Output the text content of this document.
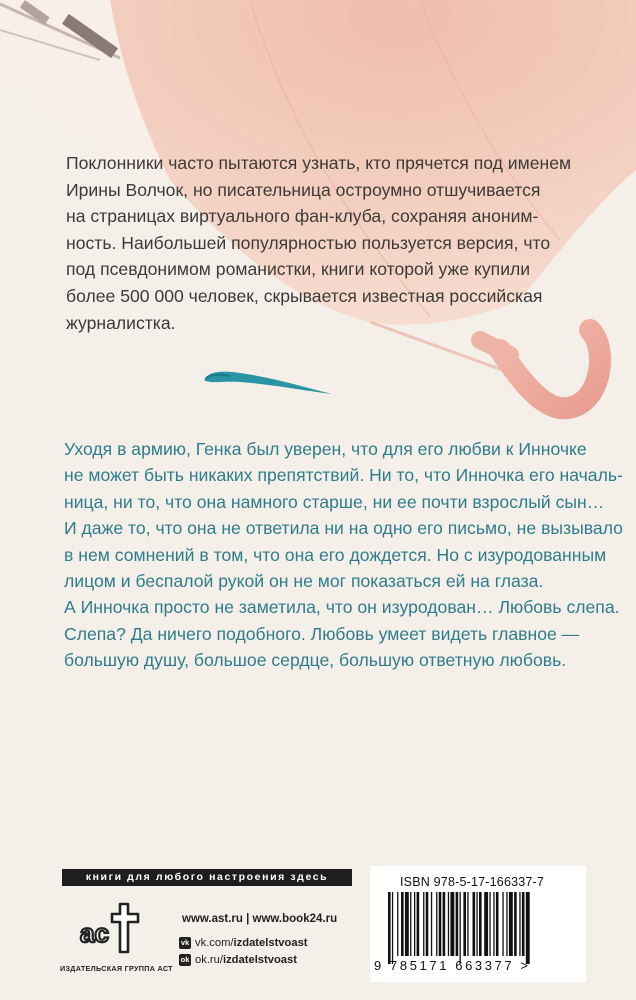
Поклонники часто пытаются узнать, кто прячется под именем
Ирины Волчок, но писательница остроумно отшучивается
на страницах виртуального фан-клуба, сохраняя аноним-
ность. Наибольшей популярностью пользуется версия, что
под псевдонимом романистки, книги которой уже купили
более 500 000 человек, скрывается известная российская
журналистка.

Уходя в армию, Генка был уверен, что для его любви к Инночке
не может быть никаких препятствий. Ни то, что Инночка его началь-
ница, ни то, что она намного старше, ни ее почти взрослый сын…
И даже то, что она не ответила ни на одно его письмо, не вызывало
в нем сомнений в том, что она его дождется. Но с изуродованным
лицом и беспалой рукой он не мог показаться ей на глаза.
А Инночка просто не заметила, что он изуродован… Любовь слепа.
Слепа? Да ничего подобного. Любовь умеет видеть главное —
большую душу, большое сердце, большую ответную любовь.

книги для любого настроения здесь
ac
ИЗДАТЕЛЬСКАЯ ГРУППА АСТ
www.ast.ru | www.book24.ru
vk vk.com/ izdatelstvoast
ok ok.ru/ izdatelstvoast
ISBN 978-5-17-166337-7
9 785171 663377 >
